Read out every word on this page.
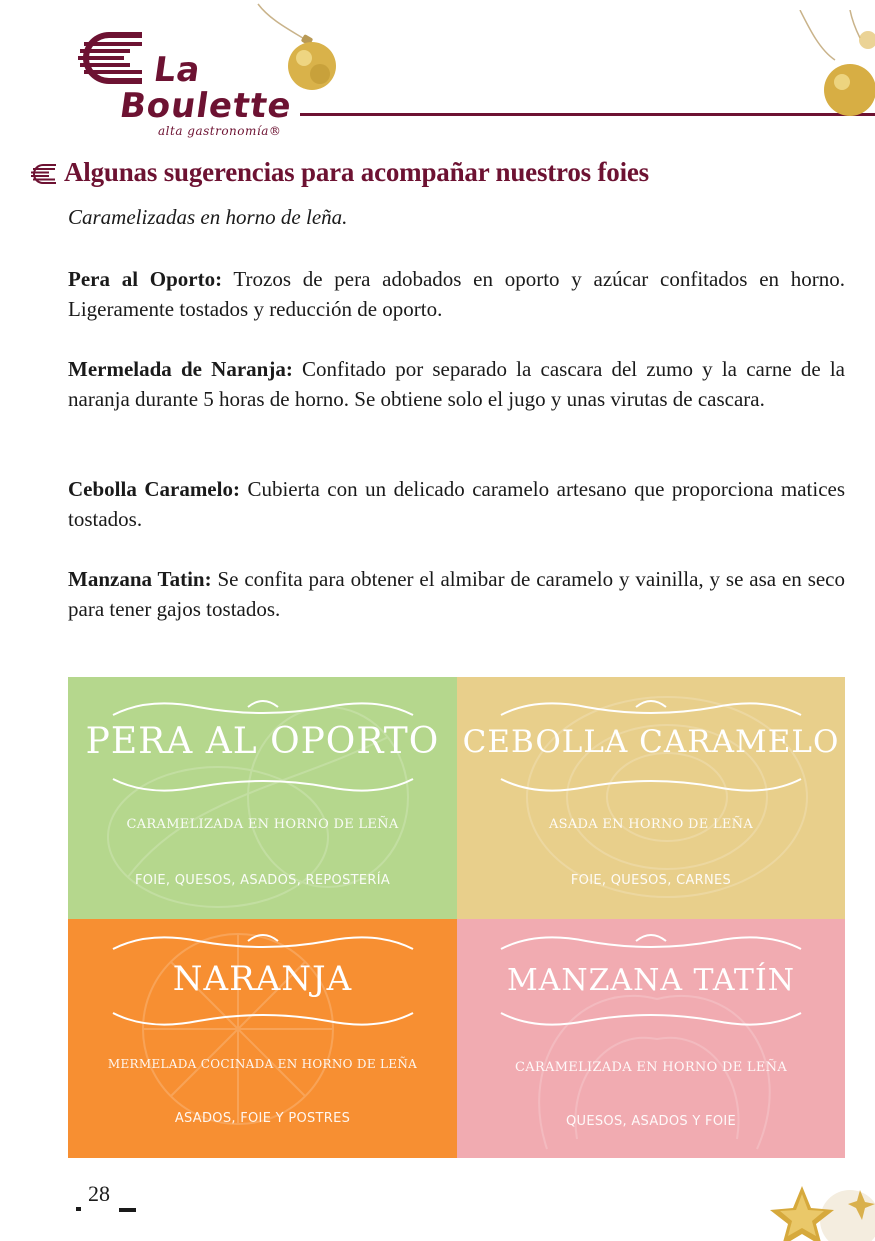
La
Boulette
alta gastronomía®
Algunas sugerencias para acompañar nuestros foies
Caramelizadas en horno de leña.

Pera al Oporto: Trozos de pera adobados en oporto y azúcar confitados en horno. Ligeramente tostados y reducción de oporto.

Mermelada de Naranja: Confitado por separado la cascara del zumo y la carne de la naranja durante 5 horas de horno. Se obtiene solo el jugo y unas virutas de cascara.

Cebolla Caramelo: Cubierta con un delicado caramelo artesano que proporciona matices tostados.

Manzana Tatin: Se confita para obtener el almibar de caramelo y vainilla, y se asa en seco para tener gajos tostados.

PERA AL OPORTO
CARAMELIZADA EN HORNO DE LEÑA
FOIE, QUESOS, ASADOS, REPOSTERÍA
CEBOLLA CARAMELO
ASADA EN HORNO DE LEÑA
FOIE, QUESOS, CARNES
NARANJA
MERMELADA COCINADA EN HORNO DE LEÑA
ASADOS, FOIE Y POSTRES
MANZANA TATÍN
CARAMELIZADA EN HORNO DE LEÑA
QUESOS, ASADOS Y FOIE
28
